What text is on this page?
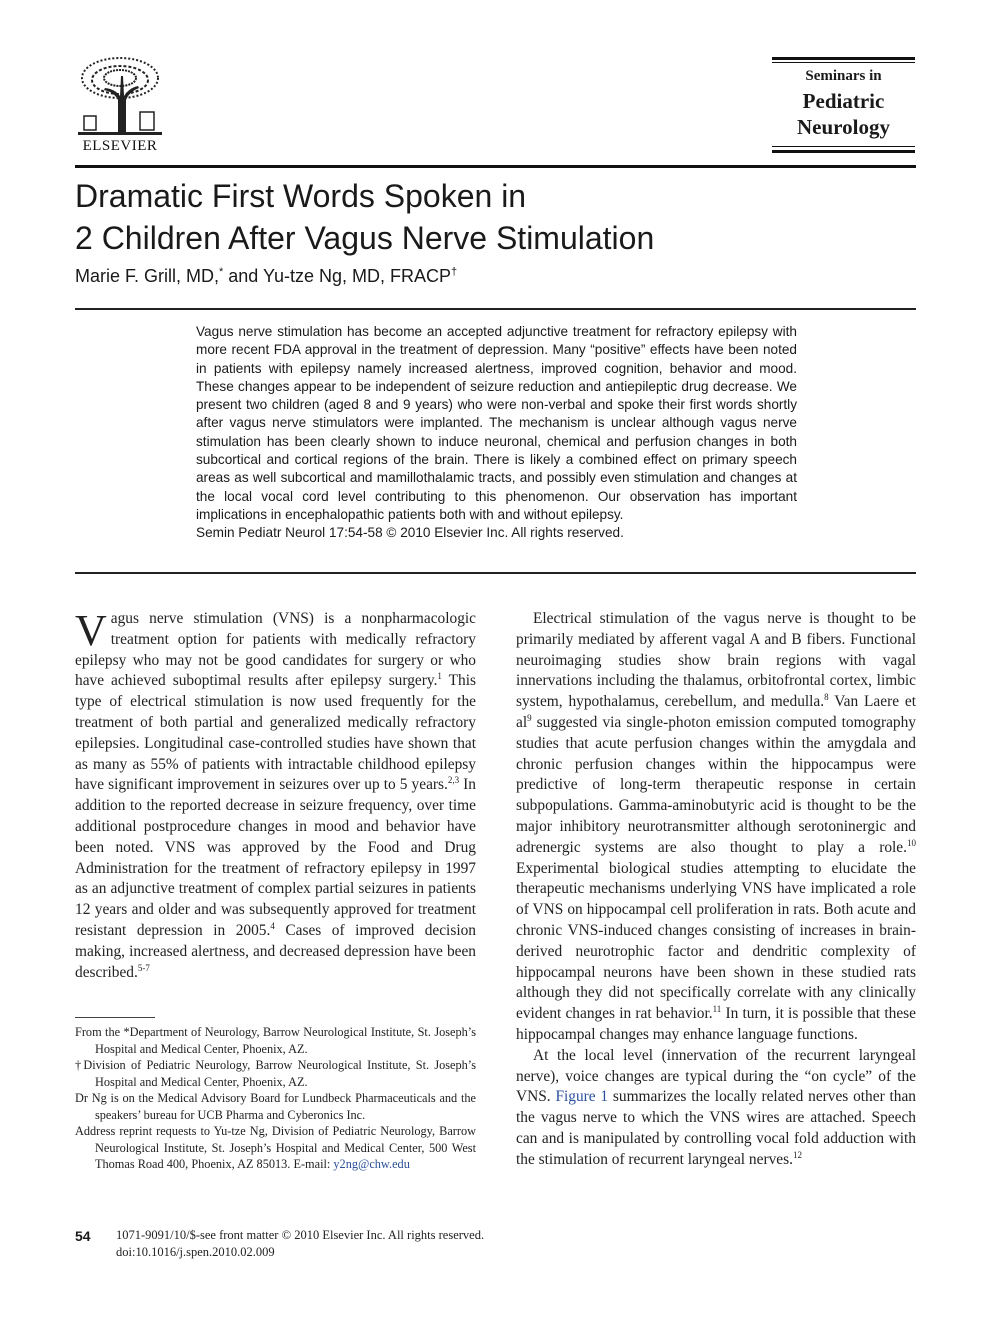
ELSEVIER
Seminars in
Pediatric
Neurology
Dramatic First Words Spoken in
2 Children After Vagus Nerve Stimulation
Marie F. Grill, MD,* and Yu-tze Ng, MD, FRACP†
Vagus nerve stimulation has become an accepted adjunctive treatment for refractory epilepsy with more recent FDA approval in the treatment of depression. Many “positive” effects have been noted in patients with epilepsy namely increased alertness, improved cognition, behavior and mood. These changes appear to be independent of seizure reduction and antiepileptic drug decrease. We present two children (aged 8 and 9 years) who were non-verbal and spoke their first words shortly after vagus nerve stimulators were implanted. The mechanism is unclear although vagus nerve stimulation has been clearly shown to induce neuronal, chemical and perfusion changes in both subcortical and cortical regions of the brain. There is likely a combined effect on primary speech areas as well subcortical and mamillothalamic tracts, and possibly even stimulation and changes at the local vocal cord level contributing to this phenomenon. Our observation has important implications in encephalopathic patients both with and without epilepsy.
Semin Pediatr Neurol 17:54-58 © 2010 Elsevier Inc. All rights reserved.

Vagus nerve stimulation (VNS) is a nonpharmacologic treatment option for patients with medically refractory epilepsy who may not be good candidates for surgery or who have achieved suboptimal results after epilepsy surgery.$^1$ This type of electrical stimulation is now used frequently for the treatment of both partial and generalized medically refractory epilepsies. Longitudinal case-controlled studies have shown that as many as 55% of patients with intractable childhood epilepsy have significant improvement in seizures over up to 5 years.$^{2,3}$ In addition to the reported decrease in seizure frequency, over time additional postprocedure changes in mood and behavior have been noted. VNS was approved by the Food and Drug Administration for the treatment of refractory epilepsy in 1997 as an adjunctive treatment of complex partial seizures in patients 12 years and older and was subsequently approved for treatment resistant depression in 2005.$^4$ Cases of improved decision making, increased alertness, and decreased depression have been described.$^{5-7}$

Electrical stimulation of the vagus nerve is thought to be primarily mediated by afferent vagal A and B fibers. Functional neuroimaging studies show brain regions with vagal innervations including the thalamus, orbitofrontal cortex, limbic system, hypothalamus, cerebellum, and medulla.$^8$ Van Laere et al$^9$ suggested via single-photon emission computed tomography studies that acute perfusion changes within the amygdala and chronic perfusion changes within the hippocampus were predictive of long-term therapeutic response in certain subpopulations. Gamma-aminobutyric acid is thought to be the major inhibitory neurotransmitter although serotoninergic and adrenergic systems are also thought to play a role.$^{10}$ Experimental biological studies attempting to elucidate the therapeutic mechanisms underlying VNS have implicated a role of VNS on hippocampal cell proliferation in rats. Both acute and chronic VNS-induced changes consisting of increases in brain-derived neurotrophic factor and dendritic complexity of hippocampal neurons have been shown in these studied rats although they did not specifically correlate with any clinically evident changes in rat behavior.$^{11}$ In turn, it is possible that these hippocampal changes may enhance language functions.

At the local level (innervation of the recurrent laryngeal nerve), voice changes are typical during the “on cycle” of the VNS. Figure 1 summarizes the locally related nerves other than the vagus nerve to which the VNS wires are attached. Speech can and is manipulated by controlling vocal fold adduction with the stimulation of recurrent laryngeal nerves.$^{12}$

From the *Department of Neurology, Barrow Neurological Institute, St. Joseph’s Hospital and Medical Center, Phoenix, AZ.

†Division of Pediatric Neurology, Barrow Neurological Institute, St. Joseph’s Hospital and Medical Center, Phoenix, AZ.

Dr Ng is on the Medical Advisory Board for Lundbeck Pharmaceuticals and the speakers’ bureau for UCB Pharma and Cyberonics Inc.

Address reprint requests to Yu-tze Ng, Division of Pediatric Neurology, Barrow Neurological Institute, St. Joseph’s Hospital and Medical Center, 500 West Thomas Road 400, Phoenix, AZ 85013. E-mail: y2ng@chw.edu

54 1071-9091/10/$-see front matter © 2010 Elsevier Inc. All rights reserved.
doi:10.1016/j.spen.2010.02.009
